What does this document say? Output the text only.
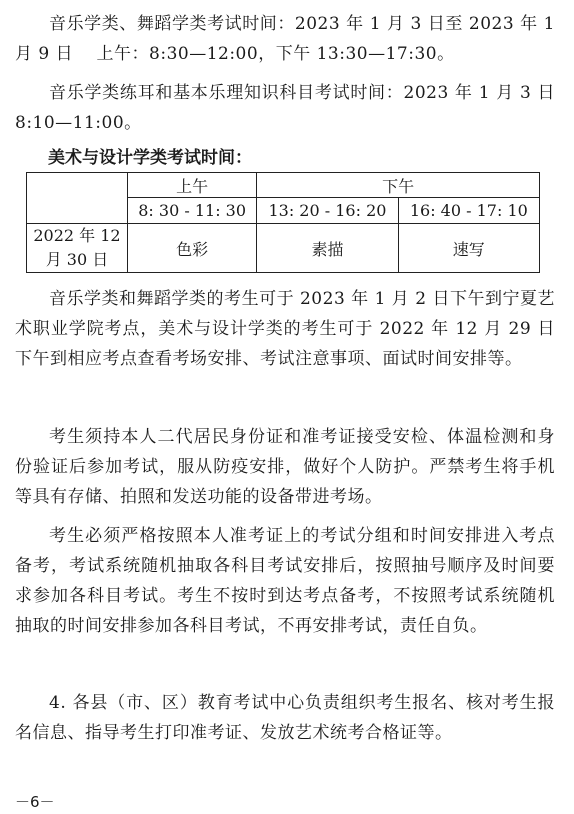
音乐学类、舞蹈学类考试时间：2023 年 1 月 3 日至 2023 年 1 月 9 日　 上午：8:30—12:00，下午 13:30—17:30。

音乐学类练耳和基本乐理知识科目考试时间：2023 年 1 月 3 日 8:10—11:00。

美术与设计学类考试时间：
	上午	下午	
	8: 30 - 11: 30	13: 20 - 16: 20	16: 40 - 17: 10
2022 年 12 月 30 日	色彩	素描	速写

音乐学类和舞蹈学类的考生可于 2023 年 1 月 2 日下午到宁夏艺术职业学院考点，美术与设计学类的考生可于 2022 年 12 月 29 日下午到相应考点查看考场安排、考试注意事项、面试时间安排等。

考生须持本人二代居民身份证和准考证接受安检、体温检测和身份验证后参加考试，服从防疫安排，做好个人防护。严禁考生将手机等具有存储、拍照和发送功能的设备带进考场。

考生必须严格按照本人准考证上的考试分组和时间安排进入考点备考，考试系统随机抽取各科目考试安排后，按照抽号顺序及时间要求参加各科目考试。考生不按时到达考点备考，不按照考试系统随机抽取的时间安排参加各科目考试，不再安排考试，责任自负。

4. 各县（市、区）教育考试中心负责组织考生报名、核对考生报名信息、指导考生打印准考证、发放艺术统考合格证等。

－6－
